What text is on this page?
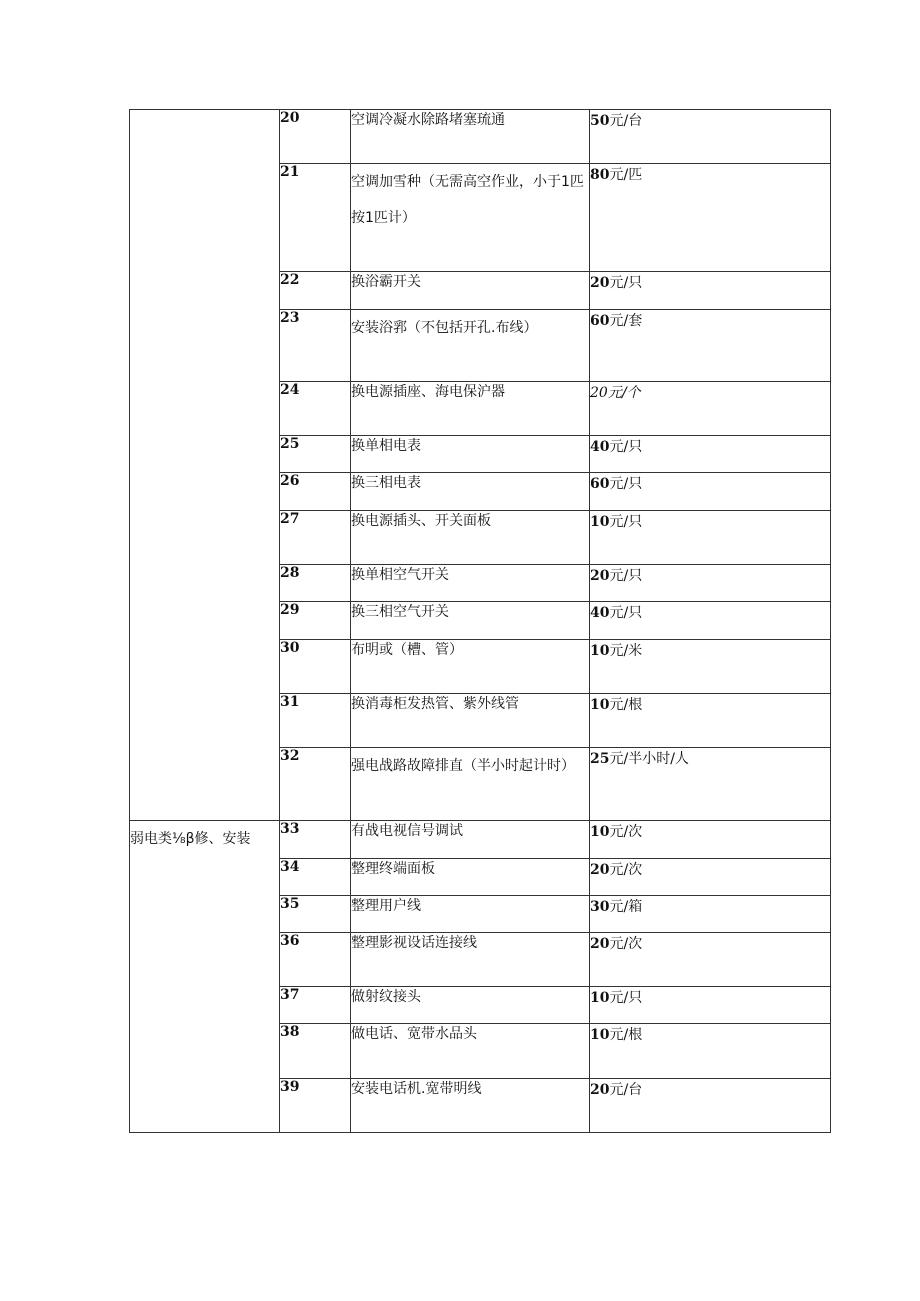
	20	空调冷凝水除路堵塞琉通	50元/台
	21	空调加雪种（无需高空作业，小于1匹按1匹计）	80元/匹
	22	换浴霸开关	20元/只
	23	安装浴郛（不包括开孔.布线）	60元/套
	24	换电源插座、海电保沪器	20元/个
	25	换单相电表	40元/只
	26	换三相电表	60元/只
	27	换电源插头、开关面板	10元/只
	28	换单相空气开关	20元/只
	29	换三相空气开关	40元/只
	30	布明或（槽、管）	10元/米
	31	换消毒柜发热管、紫外线管	10元/根
	32	强电战路故障排直（半小时起计时）	25元/半小时/人
弱电类⅛β修、安装	33	有战电视信号调试	10元/次
	34	整理终端面板	20元/次
	35	整理用户线	30元/箱
	36	整理影视设话连接线	20元/次
	37	做射纹接头	10元/只
	38	做电话、宽带水品头	10元/根
	39	安装电话机.宽带明线	20元/台
